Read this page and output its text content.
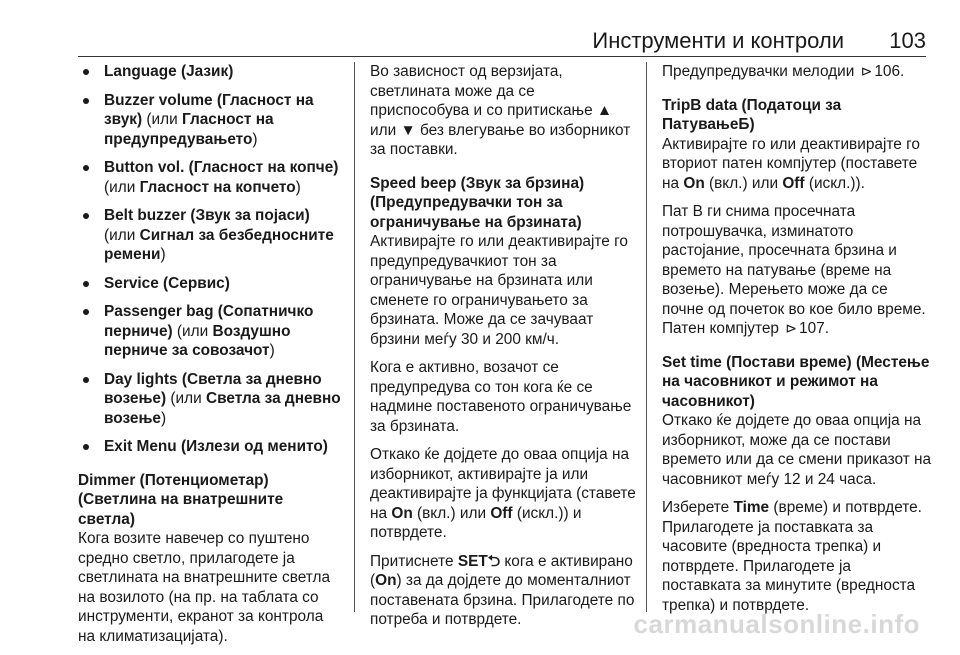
Инструменти и контроли 103
Language (Јазик)
Buzzer volume (Гласност на звук) (или Гласност на предупредувањето)
Button vol. (Гласност на копче) (или Гласност на копчето)
Belt buzzer (Звук за појаси) (или Сигнал за безбедносните ремени)
Service (Сервис)
Passenger bag (Сопатничко перниче) (или Воздушно перниче за совозачот)
Day lights (Светла за дневно возење) (или Светла за дневно возење)
Exit Menu (Излези од менито)
Dimmer (Потенциометар) (Светлина на внатрешните светла)

Кога возите навечер со пуштено средно светло, прилагодете ја светлината на внатрешните светла на возилото (на пр. на таблата со инструменти, екранот за контрола на климатизацијата).

Во зависност од верзијата, светлината може да се приспособува и со притискање ▲ или ▼ без влегување во изборникот за поставки.

Speed beep (Звук за брзина) (Предупредувачки тон за ограничување на брзината)

Активирајте го или деактивирајте го предупредувачкиот тон за ограничување на брзината или сменете го ограничувањето за брзината. Може да се зачуваат брзини меѓу 30 и 200 км/ч.

Кога е активно, возачот се предупредува со тон кога ќе се надмине поставеното ограничување за брзината.

Откако ќе дојдете до оваа опција на изборникот, активирајте ја или деактивирајте ја функцијата (ставете на On (вкл.) или Off (искл.)) и потврдете.

Притиснете SET⮌ кога е активирано (On) за да дојдете до моменталниот поставената брзина. Прилагодете по потреба и потврдете.

Предупредувачки мелодии ⊳ 106.

TripB data (Податоци за ПатувањеБ)

Активирајте го или деактивирајте го вториот патен компјутер (поставете на On (вкл.) или Off (искл.)).

Пат B ги снима просечната потрошувачка, изминатото растојание, просечната брзина и времето на патување (време на возење). Мерењето може да се почне од почеток во кое било време. Патен компјутер ⊳ 107.

Set time (Постави време) (Местење на часовникот и режимот на часовникот)

Откако ќе дојдете до оваа опција на изборникот, може да се постави времето или да се смени приказот на часовникот меѓу 12 и 24 часа.

Изберете Time (време) и потврдете. Прилагодете ја поставката за часовите (вредноста трепка) и потврдете. Прилагодете ја поставката за минутите (вредноста трепка) и потврдете.

carmanualsonline.info
